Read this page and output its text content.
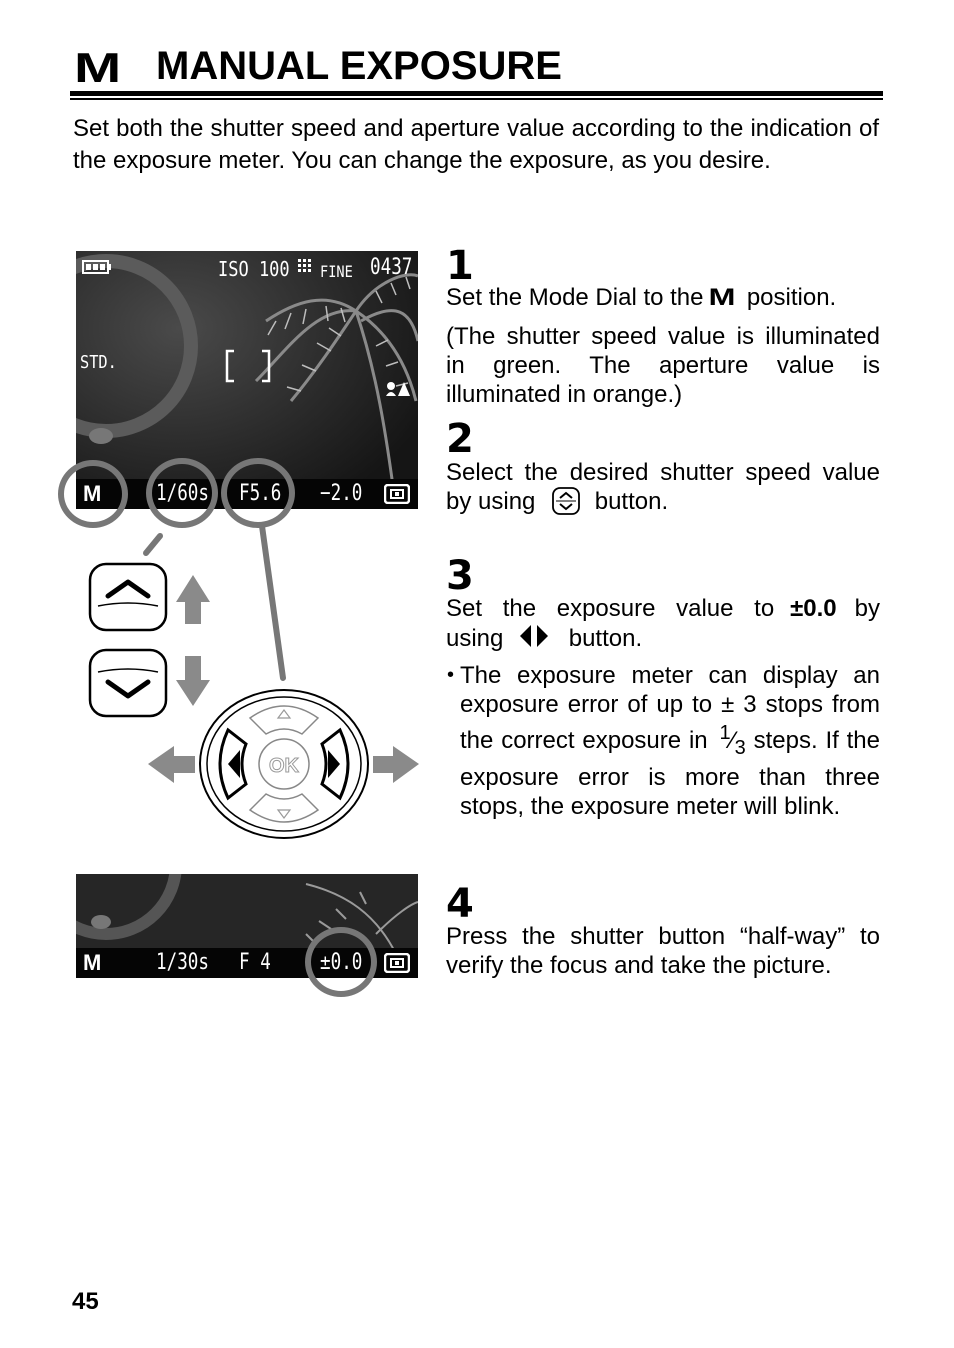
M MANUAL EXPOSURE
Set both the shutter speed and aperture value according to the indication of the exposure meter. You can change the exposure, as you desire.
ISO 100 FINE 0437
STD.
M 1/60s F5.6 −2.0
OK
M 1/30s F 4 ±0.0
1
Set the Mode Dial to the M position.
(The shutter speed value is illuminated in green. The aperture value is illuminated in orange.)
2
Select the desired shutter speed value by using button.
3
Set the exposure value to ±0.0 by
using	button.
• The exposure meter can display an exposure error of up to ± 3 stops from the correct exposure in $^1⁄_3$ steps. If the exposure error is more than three stops, the exposure meter will blink.
4
Press the shutter button “half-way” to verify the focus and take the picture.
45
